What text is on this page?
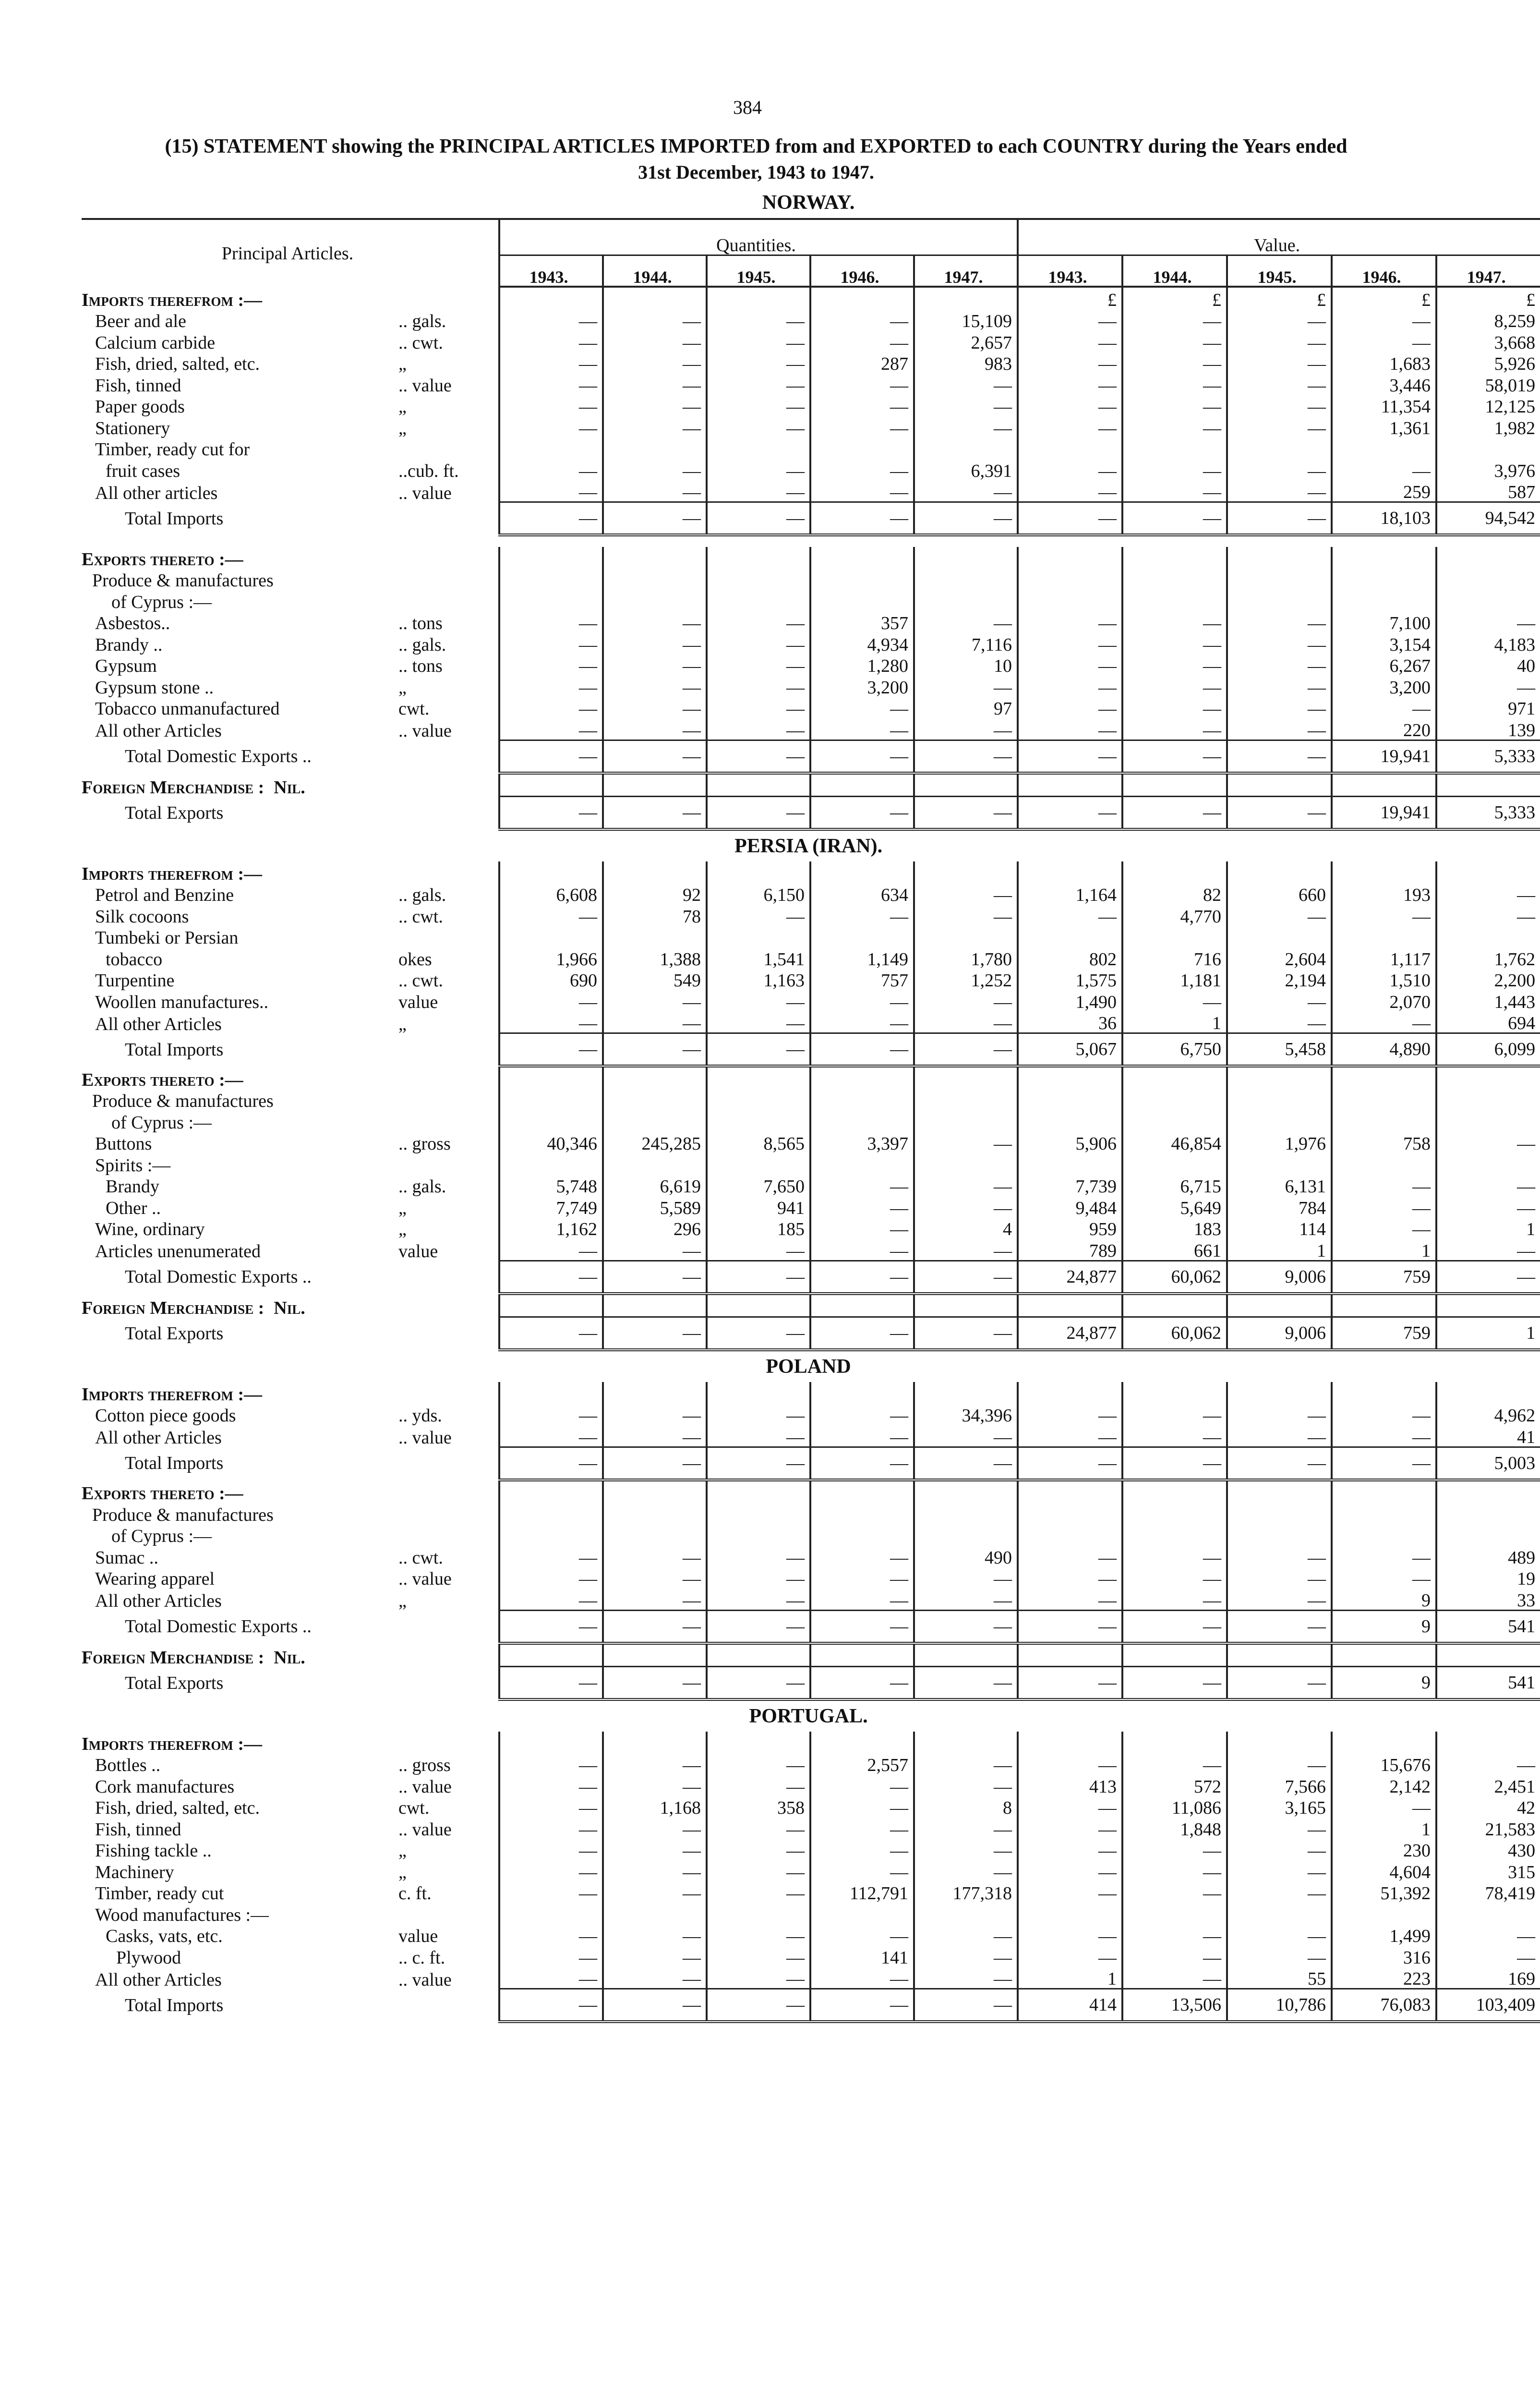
384
(15) STATEMENT showing the PRINCIPAL ARTICLES IMPORTED from and EXPORTED to each COUNTRY during the Years ended
31st December, 1943 to 1947.
NORWAY.											
Principal Articles.		Quantities.					Value.				
		1943.	1944.	1945.	1946.	1947.	1943.	1944.	1945.	1946.	1947.
Imports therefrom :—							£	£	£	£	£
Beer and ale	.. gals.	—	—	—	—	15,109	—	—	—	—	8,259
Calcium carbide	.. cwt.	—	—	—	—	2,657	—	—	—	—	3,668
Fish, dried, salted, etc.	„	—	—	—	287	983	—	—	—	1,683	5,926
Fish, tinned	.. value	—	—	—	—	—	—	—	—	3,446	58,019
Paper goods	„	—	—	—	—	—	—	—	—	11,354	12,125
Stationery	„	—	—	—	—	—	—	—	—	1,361	1,982
Timber, ready cut for											
fruit cases	..cub. ft.	—	—	—	—	6,391	—	—	—	—	3,976
All other articles	.. value	—	—	—	—	—	—	—	—	259	587
Total Imports		—	—	—	—	—	—	—	—	18,103	94,542

Exports thereto :—											
Produce & manufactures											
of Cyprus :—											
Asbestos..	.. tons	—	—	—	357	—	—	—	—	7,100	—
Brandy ..	.. gals.	—	—	—	4,934	7,116	—	—	—	3,154	4,183
Gypsum	.. tons	—	—	—	1,280	10	—	—	—	6,267	40
Gypsum stone ..	„	—	—	—	3,200	—	—	—	—	3,200	—
Tobacco unmanufactured	cwt.	—	—	—	—	97	—	—	—	—	971
All other Articles	.. value	—	—	—	—	—	—	—	—	220	139
Total Domestic Exports ..		—	—	—	—	—	—	—	—	19,941	5,333
Foreign Merchandise : Nil.											
Total Exports		—	—	—	—	—	—	—	—	19,941	5,333
PERSIA (IRAN).											
Imports therefrom :—											
Petrol and Benzine	.. gals.	6,608	92	6,150	634	—	1,164	82	660	193	—
Silk cocoons	.. cwt.	—	78	—	—	—	—	4,770	—	—	—
Tumbeki or Persian											
tobacco	okes	1,966	1,388	1,541	1,149	1,780	802	716	2,604	1,117	1,762
Turpentine	.. cwt.	690	549	1,163	757	1,252	1,575	1,181	2,194	1,510	2,200
Woollen manufactures..	value	—	—	—	—	—	1,490	—	—	2,070	1,443
All other Articles	„	—	—	—	—	—	36	1	—	—	694
Total Imports		—	—	—	—	—	5,067	6,750	5,458	4,890	6,099
Exports thereto :—											
Produce & manufactures											
of Cyprus :—											
Buttons	.. gross	40,346	245,285	8,565	3,397	—	5,906	46,854	1,976	758	—
Spirits :—											
Brandy	.. gals.	5,748	6,619	7,650	—	—	7,739	6,715	6,131	—	—
Other ..	„	7,749	5,589	941	—	—	9,484	5,649	784	—	—
Wine, ordinary	„	1,162	296	185	—	4	959	183	114	—	1
Articles unenumerated	value	—	—	—	—	—	789	661	1	1	—
Total Domestic Exports ..		—	—	—	—	—	24,877	60,062	9,006	759	—
Foreign Merchandise : Nil.											
Total Exports		—	—	—	—	—	24,877	60,062	9,006	759	1
POLAND											
Imports therefrom :—											
Cotton piece goods	.. yds.	—	—	—	—	34,396	—	—	—	—	4,962
All other Articles	.. value	—	—	—	—	—	—	—	—	—	41
Total Imports		—	—	—	—	—	—	—	—	—	5,003
Exports thereto :—											
Produce & manufactures											
of Cyprus :—											
Sumac ..	.. cwt.	—	—	—	—	490	—	—	—	—	489
Wearing apparel	.. value	—	—	—	—	—	—	—	—	—	19
All other Articles	„	—	—	—	—	—	—	—	—	9	33
Total Domestic Exports ..		—	—	—	—	—	—	—	—	9	541
Foreign Merchandise : Nil.											
Total Exports		—	—	—	—	—	—	—	—	9	541
PORTUGAL.											
Imports therefrom :—											
Bottles ..	.. gross	—	—	—	2,557	—	—	—	—	15,676	—
Cork manufactures	.. value	—	—	—	—	—	413	572	7,566	2,142	2,451
Fish, dried, salted, etc.	cwt.	—	1,168	358	—	8	—	11,086	3,165	—	42
Fish, tinned	.. value	—	—	—	—	—	—	1,848	—	1	21,583
Fishing tackle ..	„	—	—	—	—	—	—	—	—	230	430
Machinery	„	—	—	—	—	—	—	—	—	4,604	315
Timber, ready cut	c. ft.	—	—	—	112,791	177,318	—	—	—	51,392	78,419
Wood manufactures :—											
Casks, vats, etc.	value	—	—	—	—	—	—	—	—	1,499	—
Plywood	.. c. ft.	—	—	—	141	—	—	—	—	316	—
All other Articles	.. value	—	—	—	—	—	1	—	55	223	169
Total Imports		—	—	—	—	—	414	13,506	10,786	76,083	103,409
